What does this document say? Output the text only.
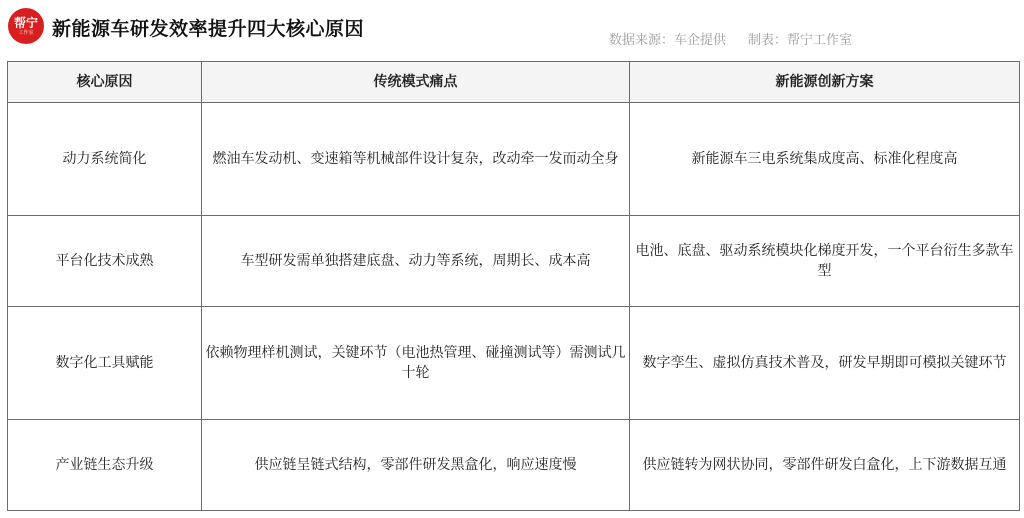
帮宁
工作室 新能源车研发效率提升四大核心原因
数据来源：车企提供 制表：帮宁工作室
核心原因	传统模式痛点	新能源创新方案
动力系统简化	燃油车发动机、变速箱等机械部件设计复杂，改动牵一发而动全身	新能源车三电系统集成度高、标准化程度高
平台化技术成熟	车型研发需单独搭建底盘、动力等系统，周期长、成本高	电池、底盘、驱动系统模块化梯度开发，一个平台衍生多款车型
数字化工具赋能	依赖物理样机测试，关键环节（电池热管理、碰撞测试等）需测试几十轮	数字孪生、虚拟仿真技术普及，研发早期即可模拟关键环节
产业链生态升级	供应链呈链式结构，零部件研发黑盒化，响应速度慢	供应链转为网状协同，零部件研发白盒化，上下游数据互通
